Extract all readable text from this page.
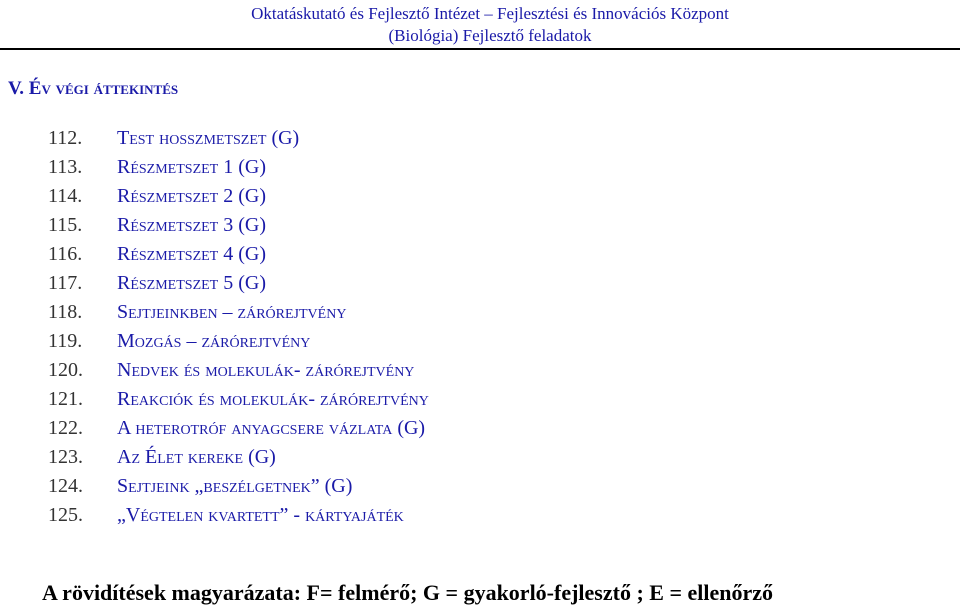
Oktatáskutató és Fejlesztő Intézet – Fejlesztési és Innovációs Központ
(Biológia) Fejlesztő feladatok
V. Év végi áttekintés
112. Test hosszmetszet (G)
113. Részmetszet 1 (G)
114. Részmetszet 2 (G)
115. Részmetszet 3 (G)
116. Részmetszet 4 (G)
117. Részmetszet 5 (G)
118. Sejtjeinkben – zárórejtvény
119. Mozgás – zárórejtvény
120. Nedvek és molekulák- zárórejtvény
121. Reakciók és molekulák- zárórejtvény
122. A heterotróf anyagcsere vázlata (G)
123. Az Élet kereke (G)
124. Sejtjeink „beszélgetnek” (G)
125. „Végtelen kvartett” - kártyajáték
A rövidítések magyarázata: F= felmérő; G = gyakorló-fejlesztő ; E = ellenőrző
